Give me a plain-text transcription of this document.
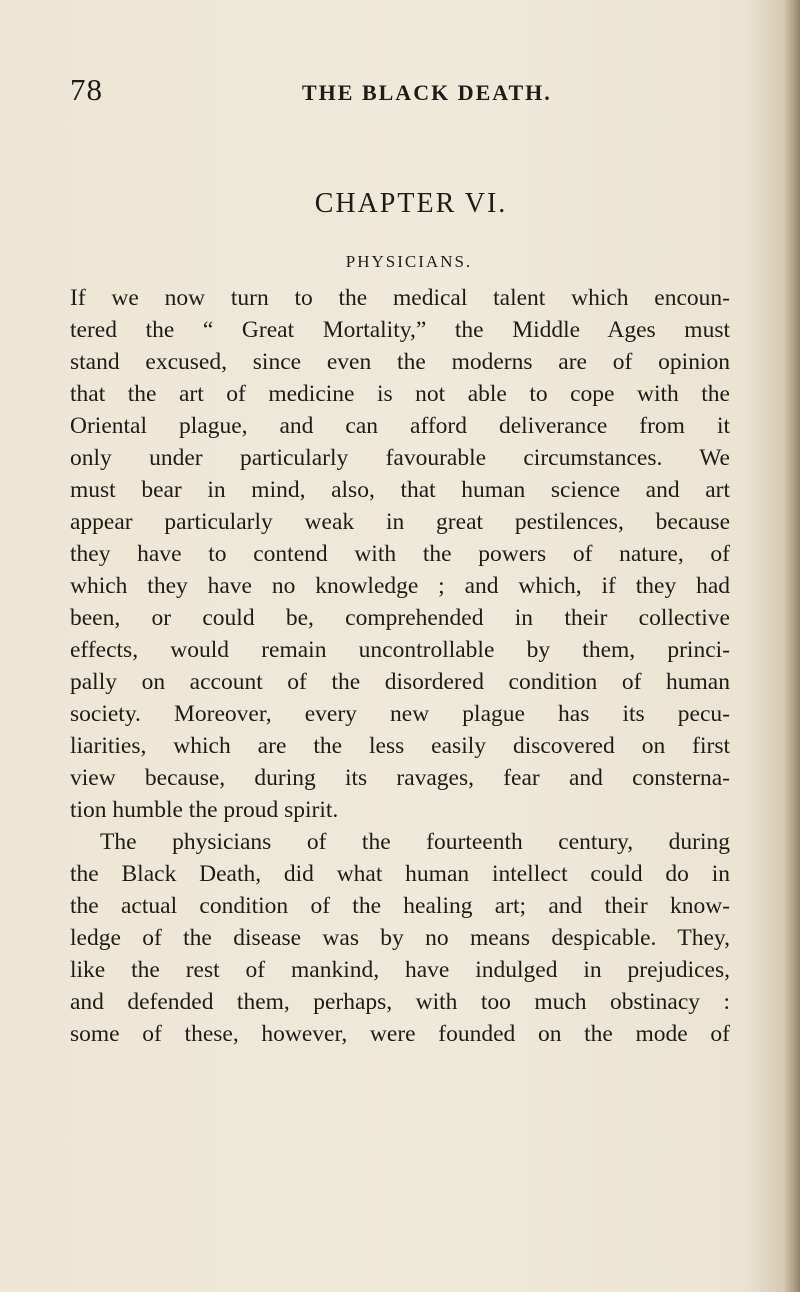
78	THE BLACK DEATH.
CHAPTER VI.
PHYSICIANS.
If we now turn to the medical talent which encoun-
tered the “ Great Mortality,” the Middle Ages must
stand excused, since even the moderns are of opinion
that the art of medicine is not able to cope with the
Oriental plague, and can afford deliverance from it
only under particularly favourable circumstances. We
must bear in mind, also, that human science and art
appear particularly weak in great pestilences, because
they have to contend with the powers of nature, of
which they have no knowledge ; and which, if they had
been, or could be, comprehended in their collective
effects, would remain uncontrollable by them, princi-
pally on account of the disordered condition of human
society. Moreover, every new plague has its pecu-
liarities, which are the less easily discovered on first
view because, during its ravages, fear and consterna-
tion humble the proud spirit.
The physicians of the fourteenth century, during
the Black Death, did what human intellect could do in
the actual condition of the healing art; and their know-
ledge of the disease was by no means despicable. They,
like the rest of mankind, have indulged in prejudices,
and defended them, perhaps, with too much obstinacy :
some of these, however, were founded on the mode of
